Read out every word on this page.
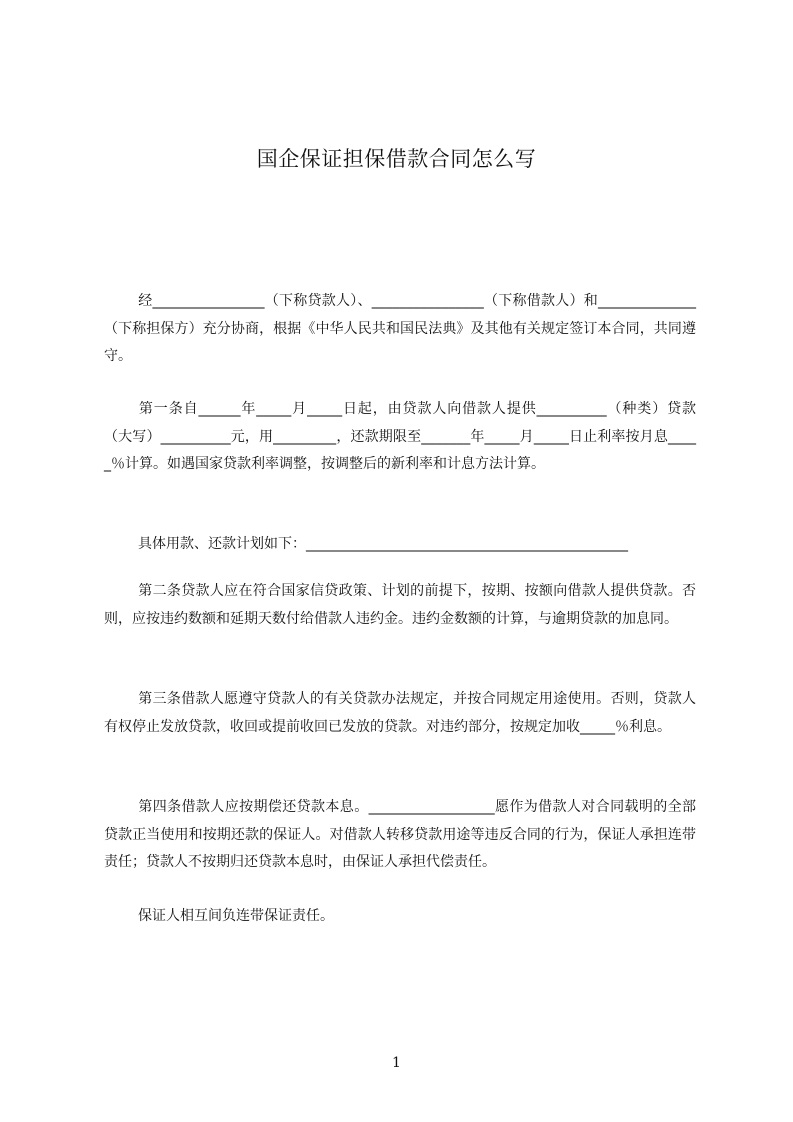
国企保证担保借款合同怎么写
经________________（下称贷款人）、________________（下称借款人）和______________（下称担保方）充分协商，根据《中华人民共和国民法典》及其他有关规定签订本合同，共同遵守。
第一条自______年_____月_____日起，由贷款人向借款人提供__________（种类）贷款（大写）__________元，用_________，还款期限至_______年_____月_____日止利率按月息_____％计算。如遇国家贷款利率调整，按调整后的新利率和计息方法计算。
具体用款、还款计划如下：______________________________________________
第二条贷款人应在符合国家信贷政策、计划的前提下，按期、按额向借款人提供贷款。否则，应按违约数额和延期天数付给借款人违约金。违约金数额的计算，与逾期贷款的加息同。
第三条借款人愿遵守贷款人的有关贷款办法规定，并按合同规定用途使用。否则，贷款人有权停止发放贷款，收回或提前收回已发放的贷款。对违约部分，按规定加收_____％利息。
第四条借款人应按期偿还贷款本息。__________________愿作为借款人对合同载明的全部贷款正当使用和按期还款的保证人。对借款人转移贷款用途等违反合同的行为，保证人承担连带责任；贷款人不按期归还贷款本息时，由保证人承担代偿责任。
保证人相互间负连带保证责任。
1
